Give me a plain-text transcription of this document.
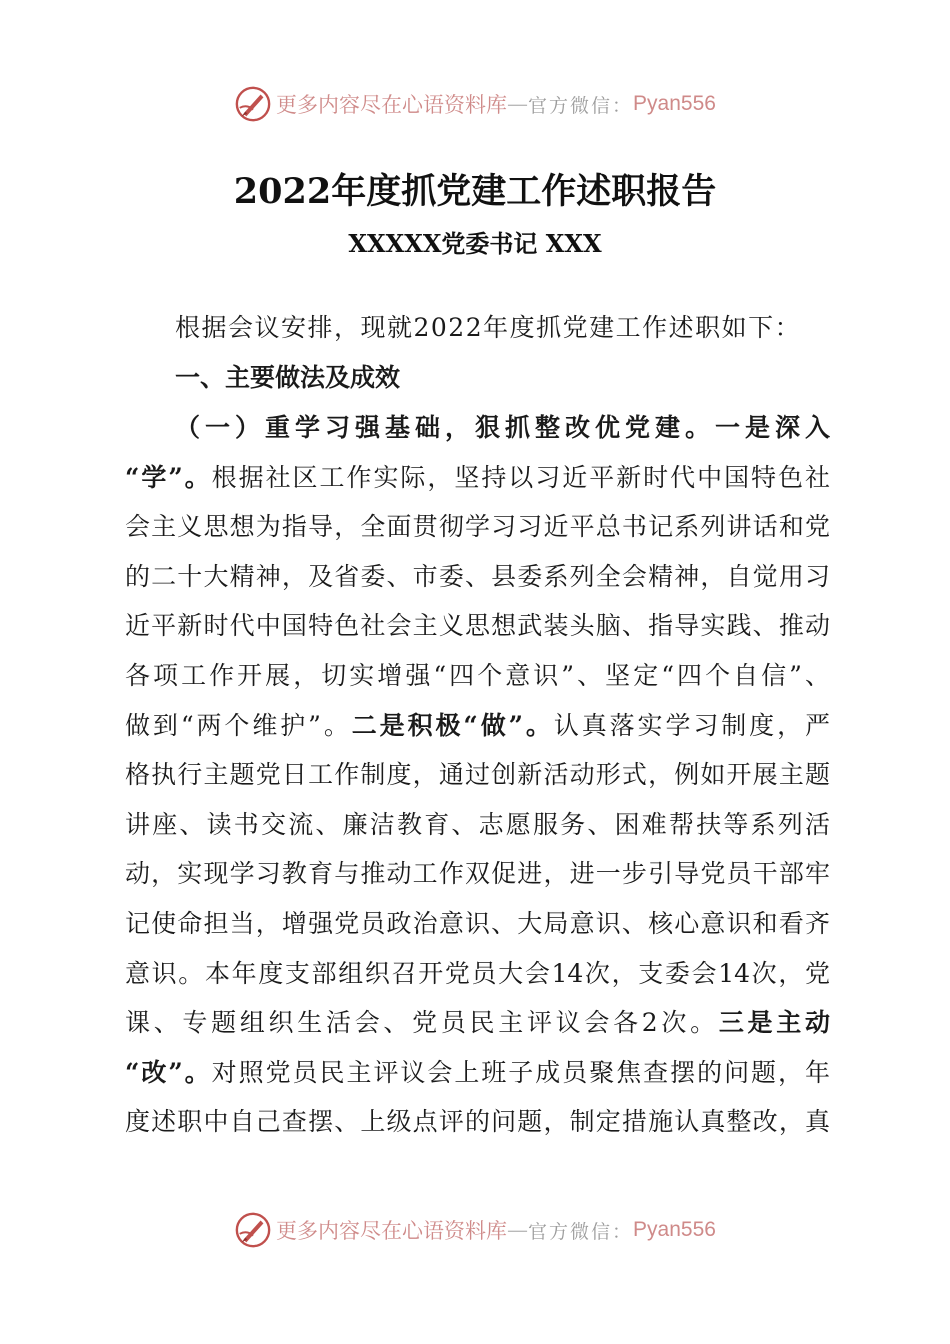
更多内容尽在心语资料库 — 官方微信： Pyan556
2022年度抓党建工作述职报告
XXXXX党委书记 XXX
根据会议安排，现就2022年度抓党建工作述职如下：
一、主要做法及成效
（一）重学习强基础，狠抓整改优党建。一是深入
“学”。根据社区工作实际，坚持以习近平新时代中国特色社
会主义思想为指导，全面贯彻学习习近平总书记系列讲话和党
的二十大精神，及省委、市委、县委系列全会精神，自觉用习
近平新时代中国特色社会主义思想武装头脑、指导实践、推动
各项工作开展，切实增强“四个意识”、坚定“四个自信”、
做到“两个维护”。二是积极“做”。认真落实学习制度，严
格执行主题党日工作制度，通过创新活动形式，例如开展主题
讲座、读书交流、廉洁教育、志愿服务、困难帮扶等系列活
动，实现学习教育与推动工作双促进，进一步引导党员干部牢
记使命担当，增强党员政治意识、大局意识、核心意识和看齐
意识。本年度支部组织召开党员大会14次，支委会14次，党
课、专题组织生活会、党员民主评议会各2次。三是主动
“改”。对照党员民主评议会上班子成员聚焦查摆的问题，年
度述职中自己查摆、上级点评的问题，制定措施认真整改，真
更多内容尽在心语资料库 — 官方微信： Pyan556
